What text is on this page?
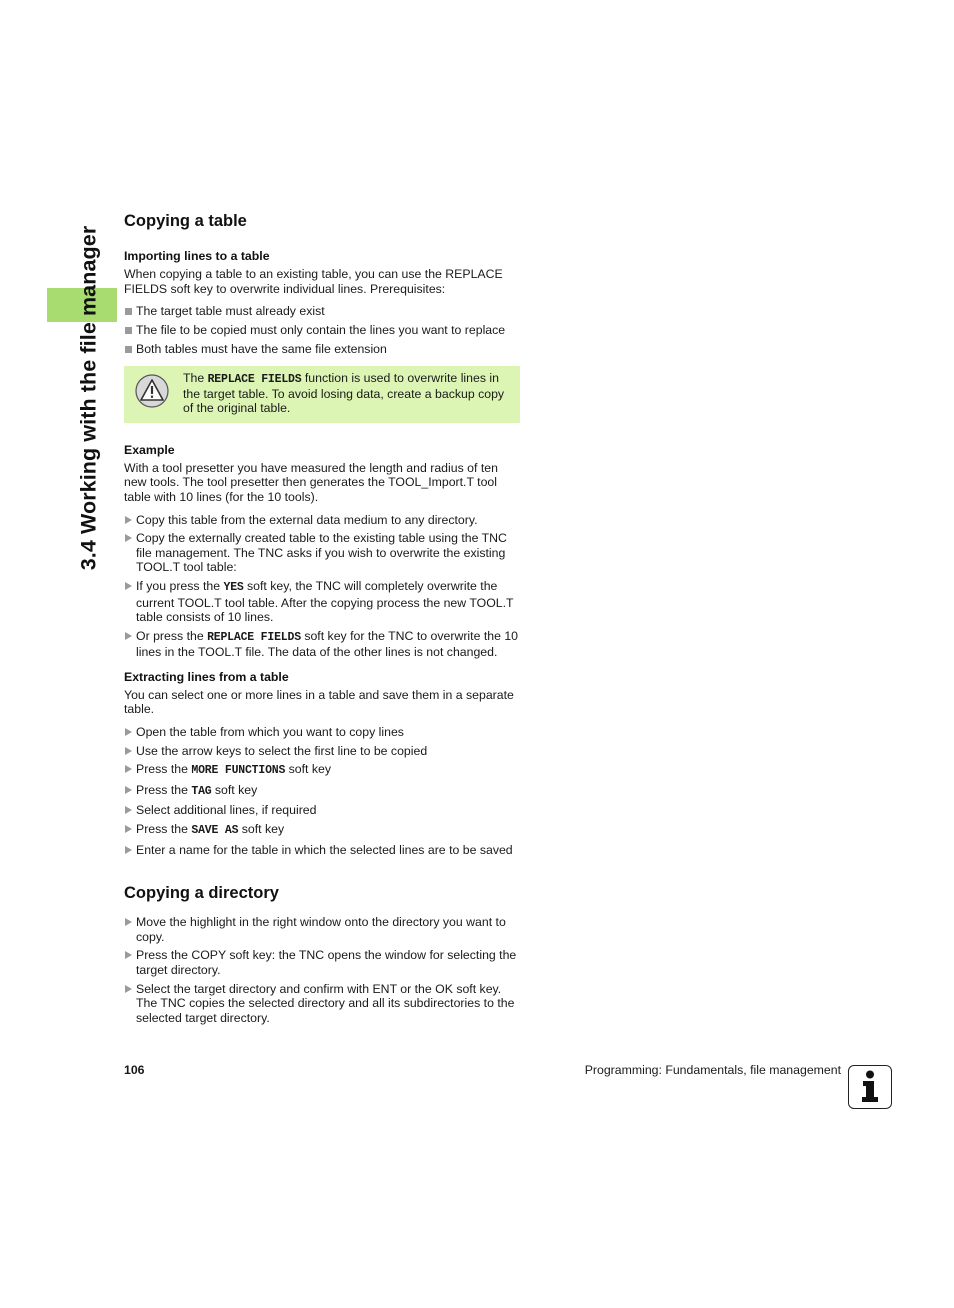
3.4 Working with the file manager
Copying a table
Importing lines to a table

When copying a table to an existing table, you can use the REPLACE FIELDS soft key to overwrite individual lines. Prerequisites:

The target table must already exist
The file to be copied must only contain the lines you want to replace
Both tables must have the same file extension
The REPLACE FIELDS function is used to overwrite lines in the target table. To avoid losing data, create a backup copy of the original table.
Example

With a tool presetter you have measured the length and radius of ten new tools. The tool presetter then generates the TOOL_Import.T tool table with 10 lines (for the 10 tools).

Copy this table from the external data medium to any directory.
Copy the externally created table to the existing table using the TNC file management. The TNC asks if you wish to overwrite the existing TOOL.T tool table:
If you press the YES soft key, the TNC will completely overwrite the current TOOL.T tool table. After the copying process the new TOOL.T table consists of 10 lines.
Or press the REPLACE FIELDS soft key for the TNC to overwrite the 10 lines in the TOOL.T file. The data of the other lines is not changed.
Extracting lines from a table

You can select one or more lines in a table and save them in a separate table.

Open the table from which you want to copy lines
Use the arrow keys to select the first line to be copied
Press the MORE FUNCTIONS soft key
Press the TAG soft key
Select additional lines, if required
Press the SAVE AS soft key
Enter a name for the table in which the selected lines are to be saved
Copying a directory
Move the highlight in the right window onto the directory you want to copy.
Press the COPY soft key: the TNC opens the window for selecting the target directory.
Select the target directory and confirm with ENT or the OK soft key. The TNC copies the selected directory and all its subdirectories to the selected target directory.
106	Programming: Fundamentals, file management
